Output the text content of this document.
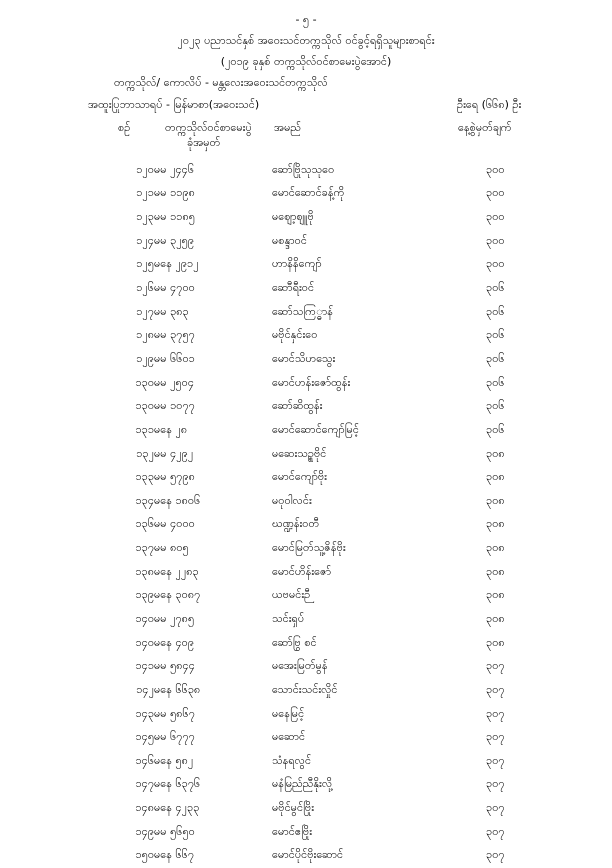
- ၅ -
၂၀၂၃ ပညာသင်နှစ် အဝေးသင်တက္ကသိုလ် ဝင်ခွင့်ရရှိသူများစာရင်း
(၂၀၁၉ ခုနှစ် တက္ကသိုလ်ဝင်စာမေးပွဲအောင်)
တက္ကသိုလ်/ ကောလိပ် - မန္တလေးအဝေးသင်တက္ကသိုလ်
အထူးပြုဘာသာရပ် - မြန်မာစာ(အဝေးသင်)	ဦးရေ (၆၆၈) ဦး
စဉ်	တက္ကသိုလ်ဝင်စာမေးပွဲ
ခုံအမှတ်
အမည်	နေ့စွဲမှတ်ချက်
၁၂၀	မမ ၂၄၄၆	ဆော်ဗြိုသုသုဝေ	၃၀၀
၁၂၁	မမ ၁၁၉၈	မောင်ဆောင်ခန့်ကို	၃၀၀
၁၂၃	မမ ၁၁၈၅	မဈော့ဈူဗို	၃၀၀
၁၂၄	မမ ၃၂၅၉	မစန္ဒာဝင်	၃၀၀
၁၂၅	မနေ ၂၉၁၂	ဟာနိနိကျော်	၃၀၀
၁၂၆	မမ ၄၇၀၀	ဆောီရီးဝင်	၃၀၆
၁၂၇	မမ ၃၈၃	ဆော်သကြ္ဓာန်	၃၀၆
၁၂၈	မမ ၃၇၅၇	မဗိုင်နှင်းဝေ	၃၀၆
၁၂၉	မမ ၆၆၀၁	မောင်သိဟသွေး	၃၀၆
၁၃၀	မမ ၂၅၀၄	မောင်ဟန်းဇော်ထွန်း	၃၀၆
၁၃၀	မမ ၁၀၇၇	ဆော်ဆိထွန်း	၃၀၆
၁၃၁	မနေ ၂၈	မောင်ဆောင်ကျော်မြင့်	၃၀၆
၁၃၂	မမ ၄၂၉၂	မဆေးသဉ္စဗိုင်	၃၀၈
၁၃၃	မမ ၅၇၉၈	မောင်ကျော်ဗိုး	၃၀၈
၁၃၄	မနေ ၁၈၀၆	မဝုဝါလင်း	၃၀၈
၁၃၆	မမ ၄၀၀၀	ဃဏ္ဍန်းဝတီ	၃၀၈
၁၃၇	မမ ၈၀၅	မောင်မြတ်သူ့ဇိန်ဗိုး	၃၀၈
၁၃၈	မနေ ၂၂၈၃	မောင်ဟိန်းဇော်	၃၀၈
၁၃၉	မနေ ၃၀၈၇	ယဗမင်းဉီ	၃၀၈
၁၄၀	မမ ၂၇၈၅	သင်းရှပ်	၃၀၈
၁၄၀	မနေ ၄၀၉	ဆော်ဗြွ စင်	၃၀၈
၁၄၁	မမ ၅၈၄၄	မအေးမြတ်မွန်	၃၀၇
၁၄၂	မနေ ၆၆၃၈	သောင်းသင်းလှိုင်	၃၀၇
၁၄၃	မမ ၅၈၆၇	မနေမြင့်	၃၀၇
၁၄၅	မမ ၆၇၇၇	မဆောင်	၃၀၇
၁၄၆	မနေ ၅၈၂	သံနရလွင်	၃၀၇
၁၄၇	မနေ ၆၃၇၆	မနံမြည်ညီနိုးလို့	၃၀၇
၁၄၈	မနေ ၄၂၃၃	မဗိုင်မွင်ဗြိုး	၃၀၇
၁၄၉	မမ ၅၆၅၀	မောင်ဧဗြိုး	၃၀၇
၁၅၀	မနေ ၆၆၇	မောင်ပိုင်ဗိုးဆောင်	၃၀၇
